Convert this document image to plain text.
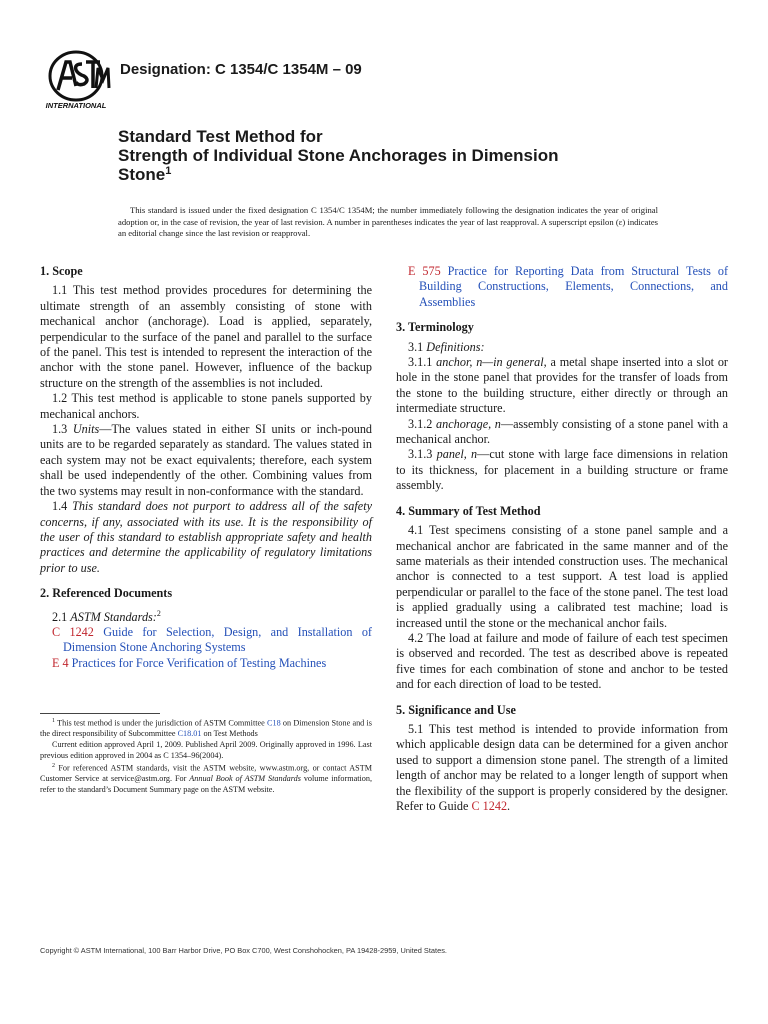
INTERNATIONAL
Designation: C 1354/C 1354M – 09
Standard Test Method for
Strength of Individual Stone Anchorages in Dimension
Stone$^1$
This standard is issued under the fixed designation C 1354/C 1354M; the number immediately following the designation indicates the year of original adoption or, in the case of revision, the year of last revision. A number in parentheses indicates the year of last reapproval. A superscript epsilon (ε) indicates an editorial change since the last revision or reapproval.
1. Scope

1.1 This test method provides procedures for determining the ultimate strength of an assembly consisting of stone with mechanical anchor (anchorage). Load is applied, separately, perpendicular to the surface of the panel and parallel to the surface of the panel. This test is intended to represent the interaction of the anchor with the stone panel. However, influence of the backup structure on the strength of the assemblies is not included.

1.2 This test method is applicable to stone panels supported by mechanical anchors.

1.3 Units—The values stated in either SI units or inch-pound units are to be regarded separately as standard. The values stated in each system may not be exact equivalents; therefore, each system shall be used independently of the other. Combining values from the two systems may result in non-conformance with the standard.

1.4 This standard does not purport to address all of the safety concerns, if any, associated with its use. It is the responsibility of the user of this standard to establish appropriate safety and health practices and determine the applicability of regulatory limitations prior to use.

2. Referenced Documents

2.1 ASTM Standards:$^2$

C 1242 Guide for Selection, Design, and Installation of Dimension Stone Anchoring Systems

E 4 Practices for Force Verification of Testing Machines

$^1$ This test method is under the jurisdiction of ASTM Committee C18 on Dimension Stone and is the direct responsibility of Subcommittee C18.01 on Test Methods

Current edition approved April 1, 2009. Published April 2009. Originally approved in 1996. Last previous edition approved in 2004 as C 1354–96(2004).

$^2$ For referenced ASTM standards, visit the ASTM website, www.astm.org, or contact ASTM Customer Service at service@astm.org. For Annual Book of ASTM Standards volume information, refer to the standard’s Document Summary page on the ASTM website.

E 575 Practice for Reporting Data from Structural Tests of Building Constructions, Elements, Connections, and Assemblies

3. Terminology

3.1 Definitions:

3.1.1 anchor, n—in general, a metal shape inserted into a slot or hole in the stone panel that provides for the transfer of loads from the stone to the building structure, either directly or through an intermediate structure.

3.1.2 anchorage, n—assembly consisting of a stone panel with a mechanical anchor.

3.1.3 panel, n—cut stone with large face dimensions in relation to its thickness, for placement in a building structure or frame assembly.

4. Summary of Test Method

4.1 Test specimens consisting of a stone panel sample and a mechanical anchor are fabricated in the same manner and of the same materials as their intended construction uses. The mechanical anchor is connected to a test support. A test load is applied perpendicular or parallel to the face of the stone panel. The test load is applied gradually using a calibrated test machine; load is increased until the stone or the mechanical anchor fails.

4.2 The load at failure and mode of failure of each test specimen is observed and recorded. The test as described above is repeated five times for each combination of stone and anchor to be tested and for each direction of load to be tested.

5. Significance and Use

5.1 This test method is intended to provide information from which applicable design data can be determined for a given anchor used to support a dimension stone panel. The strength of a limited length of anchor may be related to a longer length of support when the flexibility of the support is properly considered by the designer. Refer to Guide C 1242.

Copyright © ASTM International, 100 Barr Harbor Drive, PO Box C700, West Conshohocken, PA 19428-2959, United States.
